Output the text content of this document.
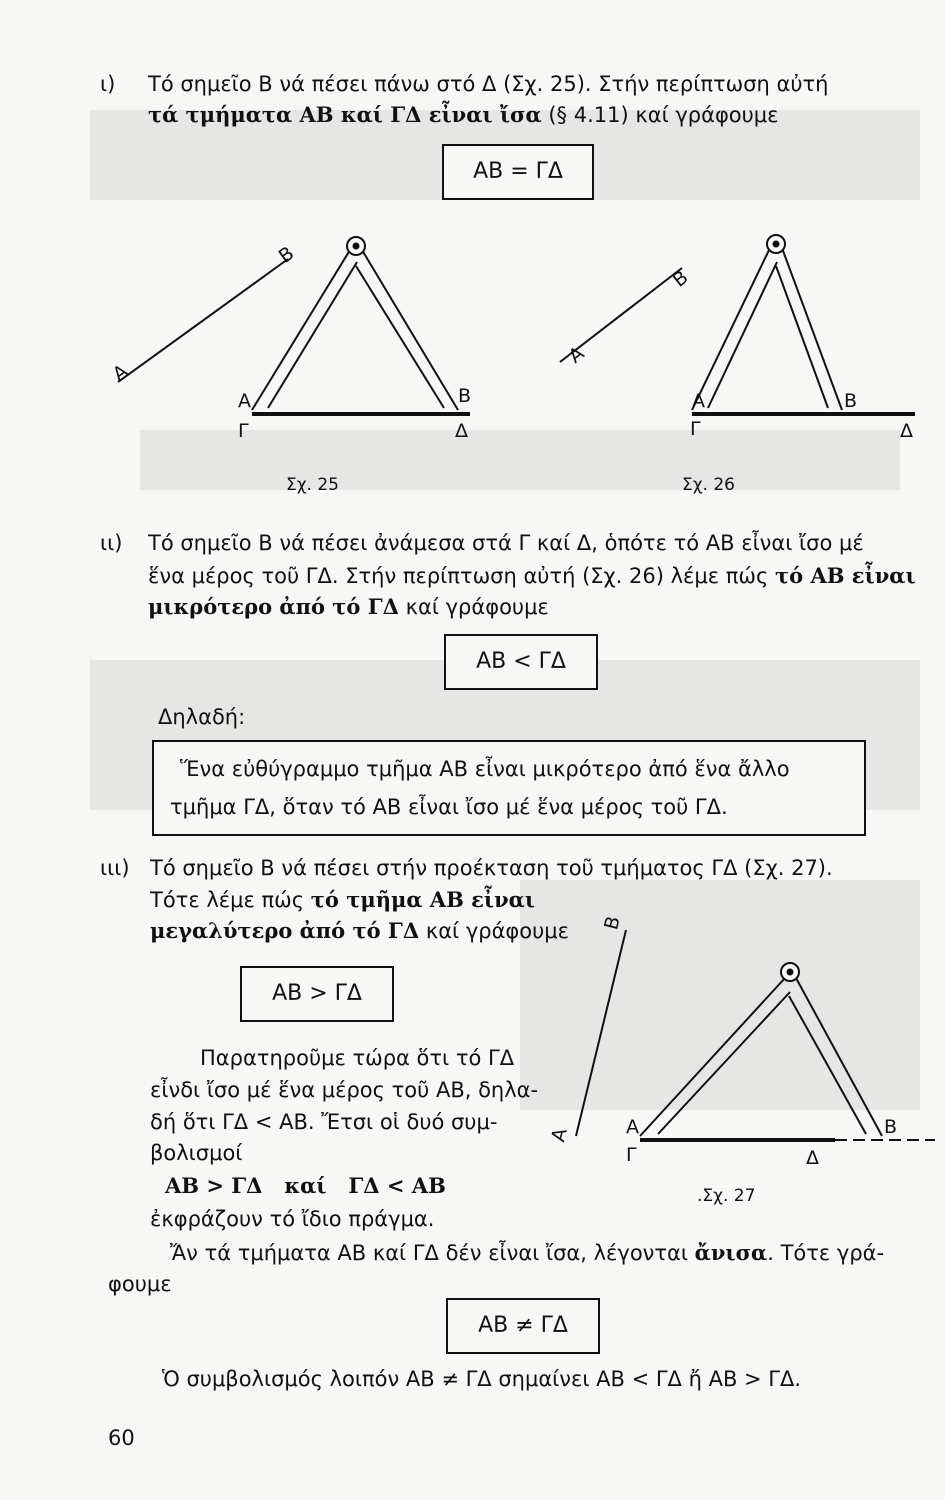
ι) Τό σημεῖο Β νά πέσει πάνω στό Δ (Σχ. 25). Στήν περίπτωση αὐτή
τά τμήματα ΑΒ καί ΓΔ εἶναι ἴσα (§ 4.11) καί γράφουμε
ΑΒ = ΓΔ
Α
Β
Α	Β
Γ	Δ
Σχ. 25
Α
Β
Α	Β
Γ	Δ
Σχ. 26
ιι) Τό σημεῖο Β νά πέσει ἀνάμεσα στά Γ καί Δ, ὁπότε τό ΑΒ εἶναι ἴσο μέ
ἕνα μέρος τοῦ ΓΔ. Στήν περίπτωση αὐτή (Σχ. 26) λέμε πώς τό ΑΒ εἶναι
μικρότερο ἀπό τό ΓΔ καί γράφουμε
ΑΒ < ΓΔ
Δηλαδή:
Ἕνα εὐθύγραμμο τμῆμα ΑΒ εἶναι μικρότερο ἀπό ἕνα ἄλλο
τμῆμα ΓΔ, ὅταν τό ΑΒ εἶναι ἴσο μέ ἕνα μέρος τοῦ ΓΔ.
ιιι) Τό σημεῖο Β νά πέσει στήν προέκταση τοῦ τμήματος ΓΔ (Σχ. 27).
Τότε λέμε πώς τό τμῆμα ΑΒ εἶναι
μεγαλύτερο ἀπό τό ΓΔ καί γράφουμε
ΑΒ > ΓΔ
Παρατηροῦμε τώρα ὅτι τό ΓΔ
εἶνδι ἴσο μέ ἕνα μέρος τοῦ ΑΒ, δηλα-
δή ὅτι ΓΔ < ΑΒ. Ἔτσι οἱ δυό συμ-
βολισμοί
ΑΒ > ΓΔ   καί   ΓΔ < ΑΒ
ἐκφράζουν τό ἴδιο πράγμα.
Β
Α	Α
Γ
Β
Δ
.Σχ. 27
Ἄν τά τμήματα ΑΒ καί ΓΔ δέν εἶναι ἴσα, λέγονται ἄνισα. Τότε γρά-
φουμε
ΑΒ ≠ ΓΔ
Ὁ συμβολισμός λοιπόν ΑΒ ≠ ΓΔ σημαίνει ΑΒ < ΓΔ ἤ ΑΒ > ΓΔ.
60
